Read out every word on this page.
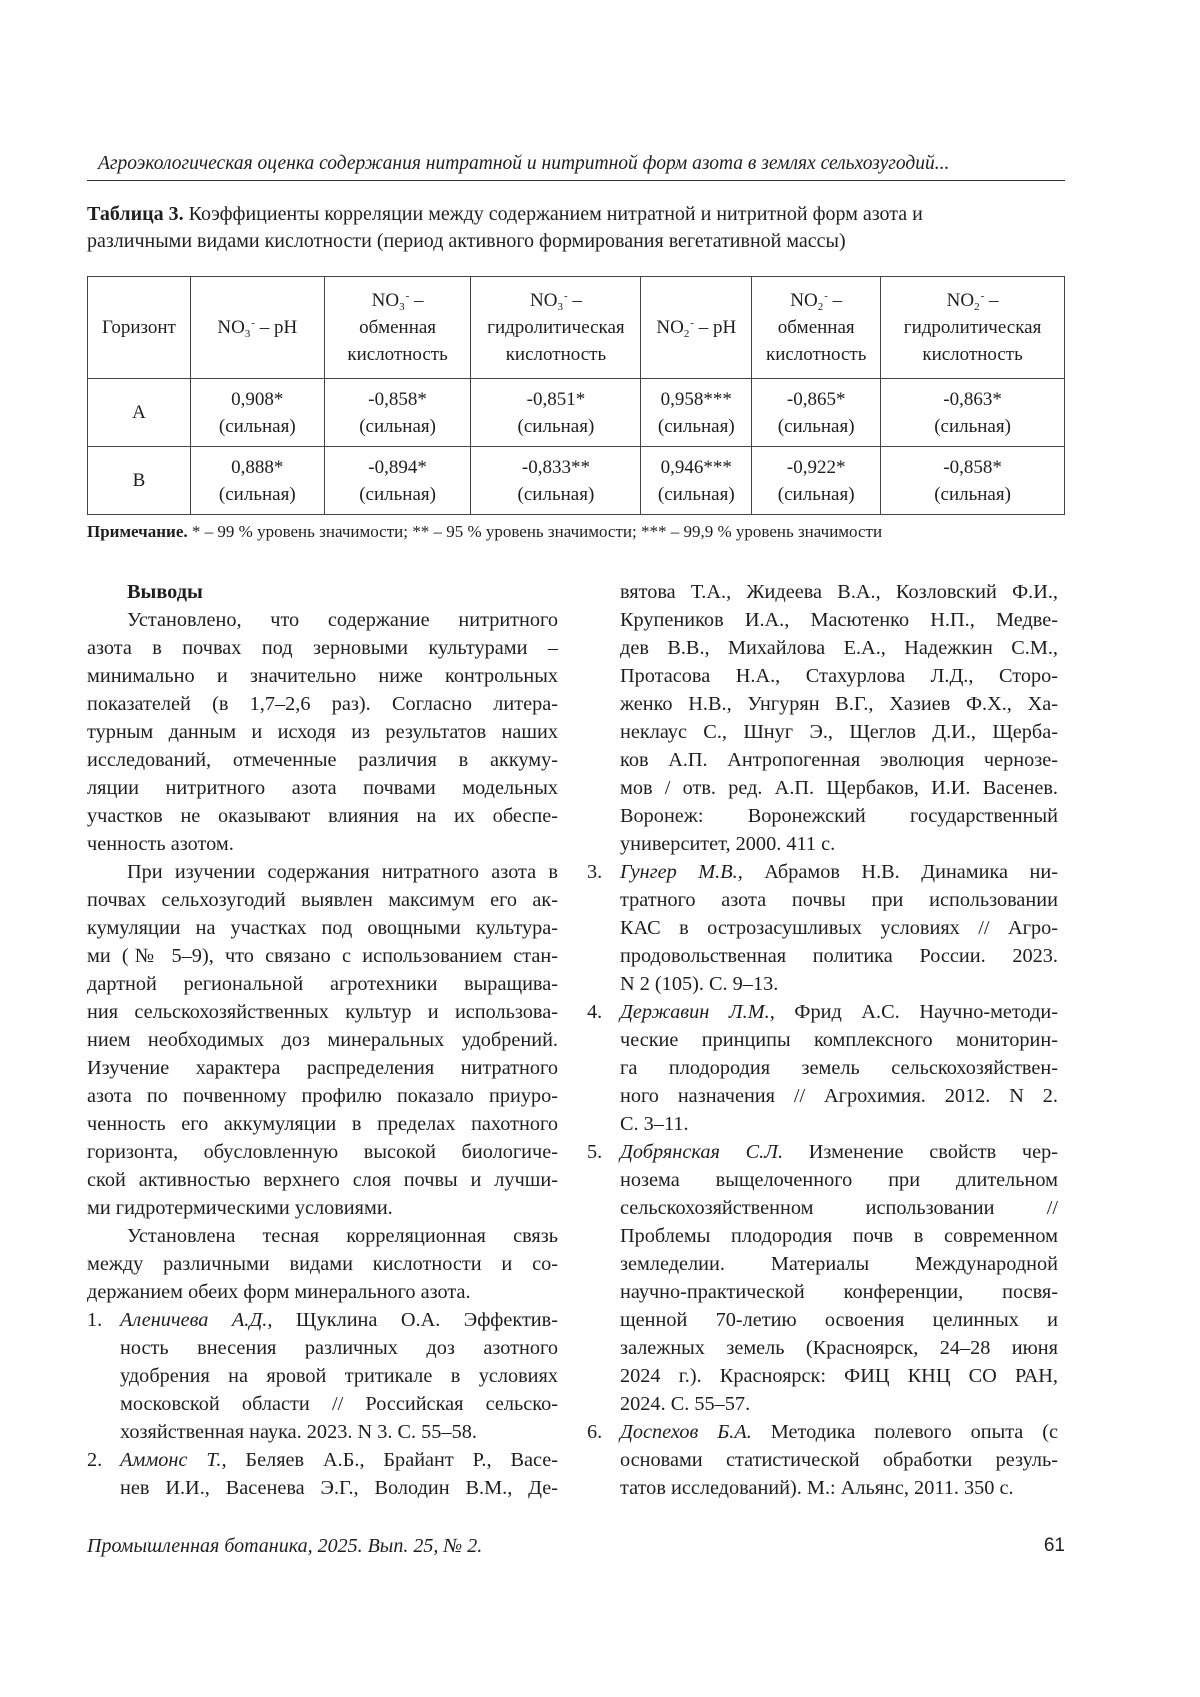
Агроэкологическая оценка содержания нитратной и нитритной форм азота в землях сельхозугодий...
Таблица 3. Коэффициенты корреляции между содержанием нитратной и нитритной форм азота и
различными видами кислотности (период активного формирования вегетативной массы)
Горизонт	NO3- – pH	NO3- –
обменная
кислотность	NO3- –
гидролитическая
кислотность	NO2- – pH	NO2- –
обменная
кислотность	NO2- –
гидролитическая
кислотность
A	0,908*
(сильная)	-0,858*
(сильная)	-0,851*
(сильная)	0,958***
(сильная)	-0,865*
(сильная)	-0,863*
(сильная)
B	0,888*
(сильная)	-0,894*
(сильная)	-0,833**
(сильная)	0,946***
(сильная)	-0,922*
(сильная)	-0,858*
(сильная)
Примечание. * – 99 % уровень значимости; ** – 95 % уровень значимости; *** – 99,9 % уровень значимости
Выводы
Установлено, что содержание нитритного
азота в почвах под зерновыми культурами –
минимально и значительно ниже контрольных
показателей (в 1,7–2,6 раз). Согласно литера-
турным данным и исходя из результатов наших
исследований, отмеченные различия в аккуму-
ляции нитритного азота почвами модельных
участков не оказывают влияния на их обеспе-
ченность азотом.
При изучении содержания нитратного азота в
почвах сельхозугодий выявлен максимум его ак-
кумуляции на участках под овощными культура-
ми (№ 5–9), что связано с использованием стан-
дартной региональной агротехники выращива-
ния сельскохозяйственных культур и использова-
нием необходимых доз минеральных удобрений.
Изучение характера распределения нитратного
азота по почвенному профилю показало приуро-
ченность его аккумуляции в пределах пахотного
горизонта, обусловленную высокой биологиче-
ской активностью верхнего слоя почвы и лучши-
ми гидротермическими условиями.
Установлена тесная корреляционная связь
между различными видами кислотности и со-
держанием обеих форм минерального азота.
1. Аленичева А.Д., Щуклина О.А. Эффектив-
ность внесения различных доз азотного
удобрения на яровой тритикале в условиях
московской области // Российская сельско-
хозяйственная наука. 2023. N 3. С. 55–58.
2. Аммонс Т., Беляев А.Б., Брайант Р., Васе-
нев И.И., Васенева Э.Г., Володин В.М., Де-
вятова Т.А., Жидеева В.А., Козловский Ф.И.,
Крупеников И.А., Масютенко Н.П., Медве-
дев В.В., Михайлова Е.А., Надежкин С.М.,
Протасова Н.А., Стахурлова Л.Д., Сторо-
женко Н.В., Унгурян В.Г., Хазиев Ф.Х., Ха-
неклаус С., Шнуг Э., Щеглов Д.И., Щерба-
ков А.П. Антропогенная эволюция чернозе-
мов / отв. ред. А.П. Щербаков, И.И. Васенев.
Воронеж: Воронежский государственный
университет, 2000. 411 с.
3. Гунгер М.В., Абрамов Н.В. Динамика ни-
тратного азота почвы при использовании
КАС в острозасушливых условиях // Агро-
продовольственная политика России. 2023.
N 2 (105). С. 9–13.
4. Державин Л.М., Фрид А.С. Научно-методи-
ческие принципы комплексного мониторин-
га плодородия земель сельскохозяйствен-
ного назначения // Агрохимия. 2012. N 2.
С. 3–11.
5. Добрянская С.Л. Изменение свойств чер-
нозема выщелоченного при длительном
сельскохозяйственном использовании //
Проблемы плодородия почв в современном
земледелии. Материалы Международной
научно-практической конференции, посвя-
щенной 70-летию освоения целинных и
залежных земель (Красноярск, 24–28 июня
2024 г.). Красноярск: ФИЦ КНЦ СО РАН,
2024. С. 55–57.
6. Доспехов Б.А. Методика полевого опыта (с
основами статистической обработки резуль-
татов исследований). М.: Альянс, 2011. 350 с.
Промышленная ботаника, 2025. Вып. 25, № 2.	61
